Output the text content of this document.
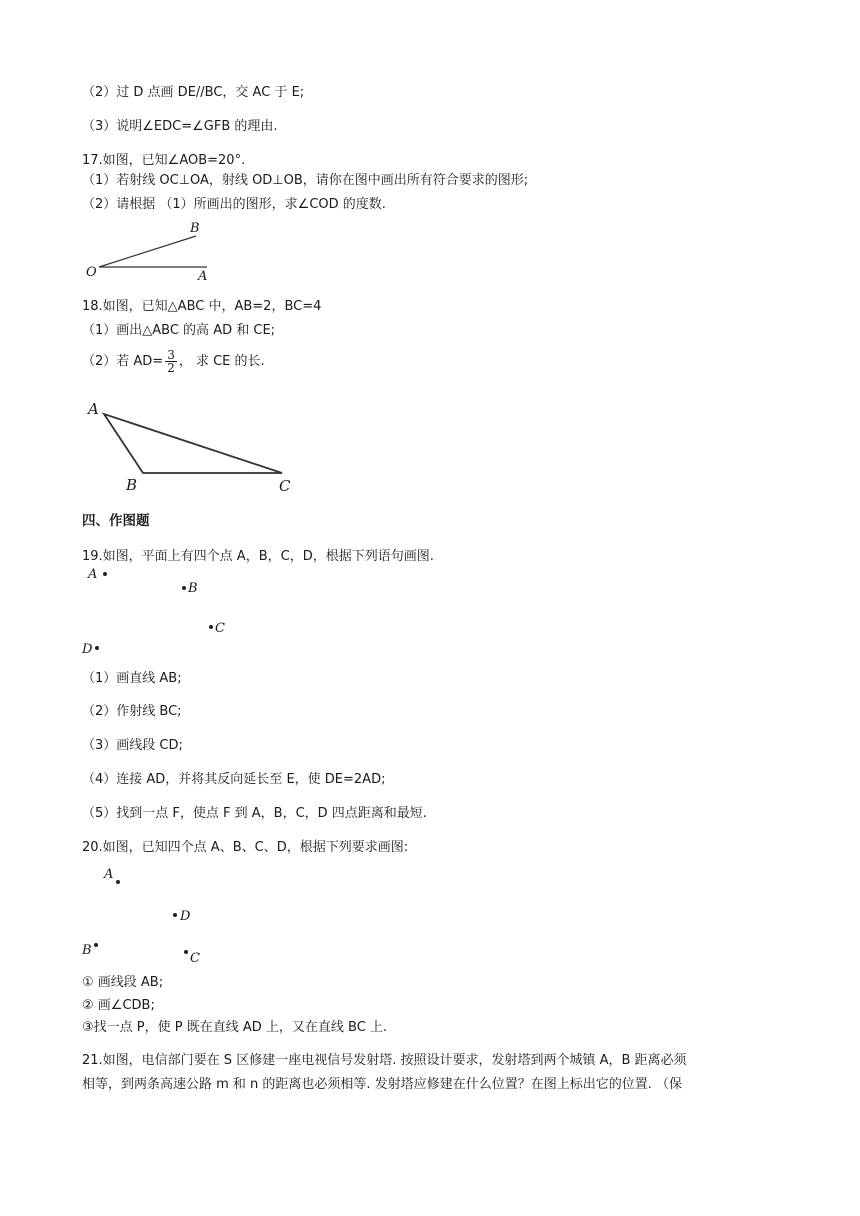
（2）过 D 点画 DE//BC，交 AC 于 E;
（3）说明∠EDC=∠GFB 的理由.
17.如图，已知∠AOB=20°.
（1）若射线 OC⊥OA，射线 OD⊥OB，请你在图中画出所有符合要求的图形;
（2）请根据 （1）所画出的图形，求∠COD 的度数.
18.如图，已知△ABC 中，AB=2，BC=4
（1）画出△ABC 的高 AD 和 CE;
（2）若 $AD= \frac{3}{2}$ ， 求 CE 的长.
四、作图题
19.如图，平面上有四个点 A，B，C，D，根据下列语句画图.
（1）画直线 AB;
（2）作射线 BC;
（3）画线段 CD;
（4）连接 AD，并将其反向延长至 E，使 DE=2AD;
（5）找到一点 F，使点 F 到 A，B，C，D 四点距离和最短.
20.如图，已知四个点 A、B、C、D，根据下列要求画图:
① 画线段 AB;
② 画∠CDB;
③找一点 P，使 P 既在直线 AD 上，又在直线 BC 上.
21.如图，电信部门要在 S 区修建一座电视信号发射塔. 按照设计要求，发射塔到两个城镇 A，B 距离必须
相等，到两条高速公路 m 和 n 的距离也必须相等. 发射塔应修建在什么位置？在图上标出它的位置. （保
O	A
B
A
B	C
A
B
C
D
A
D
B
C
